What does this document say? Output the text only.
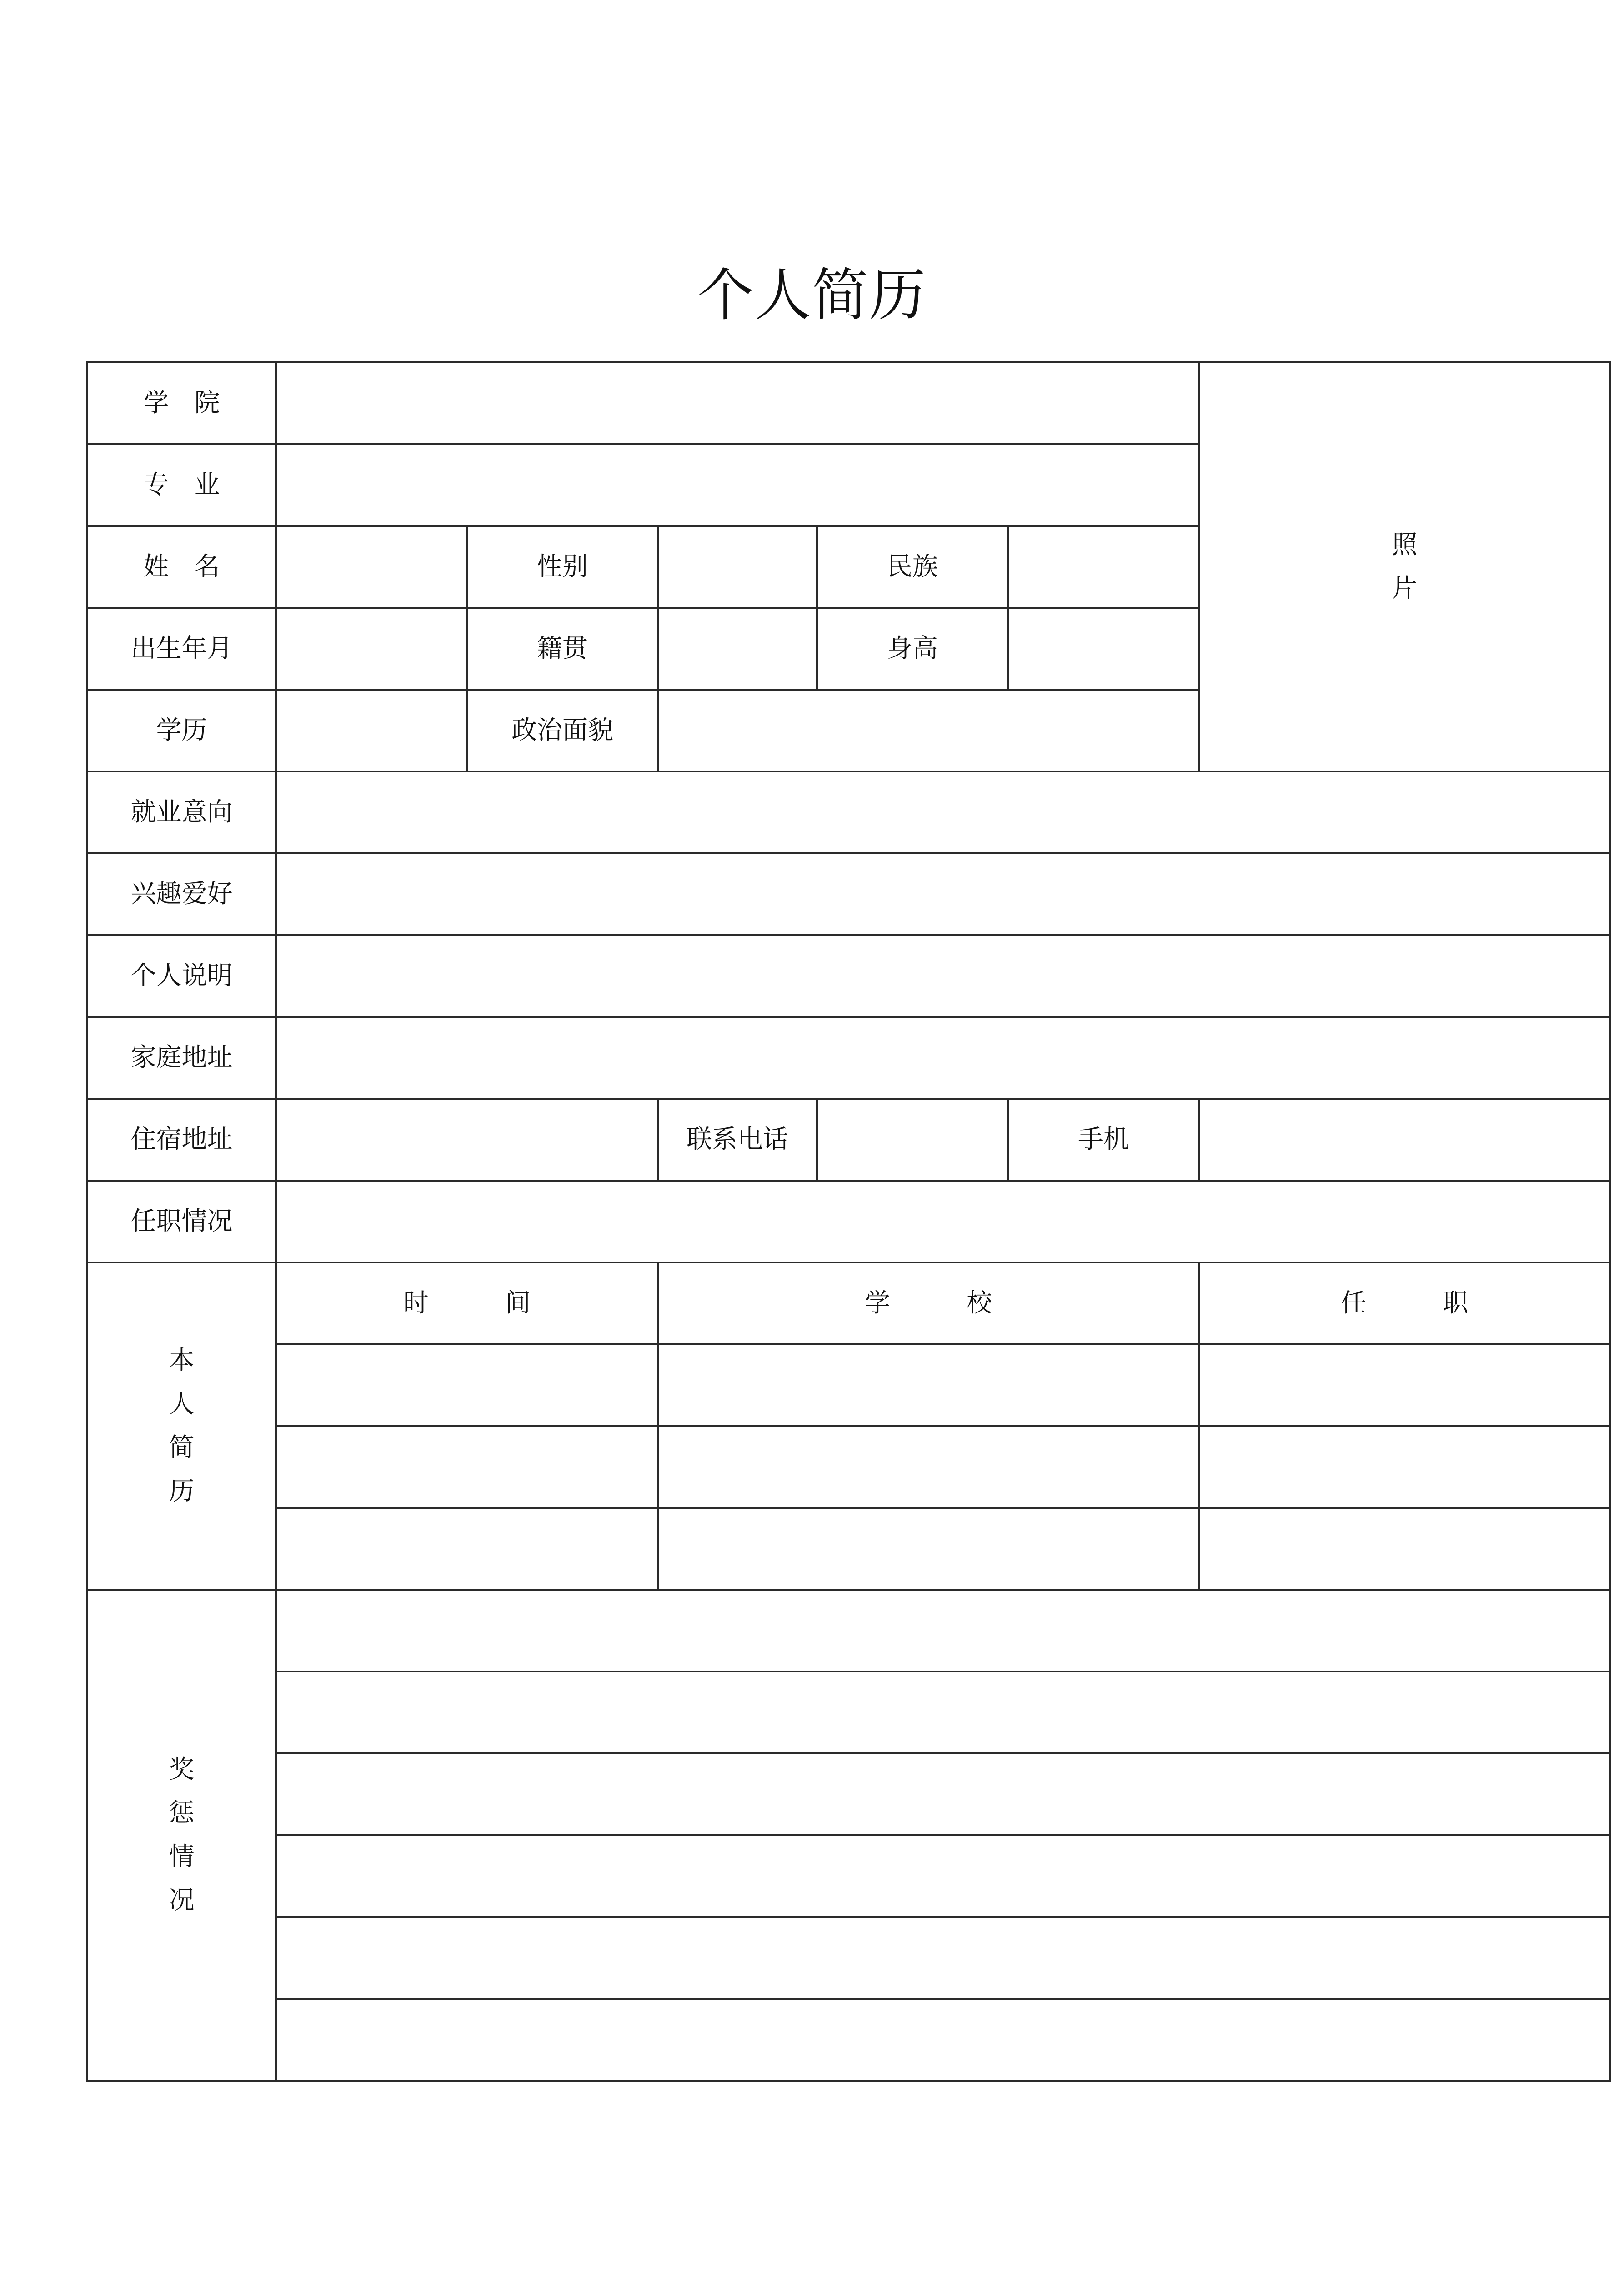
个人简历
学　院						照
片
专　业						
姓　名		性别		民族		
出生年月		籍贯		身高		
学历		政治面貌				
就业意向						
兴趣爱好						
个人说明						
家庭地址						
住宿地址			联系电话		手机	
任职情况						
本
人
简
历	时　　　间		学　　　校			任　　　职

奖
惩
情
况						
